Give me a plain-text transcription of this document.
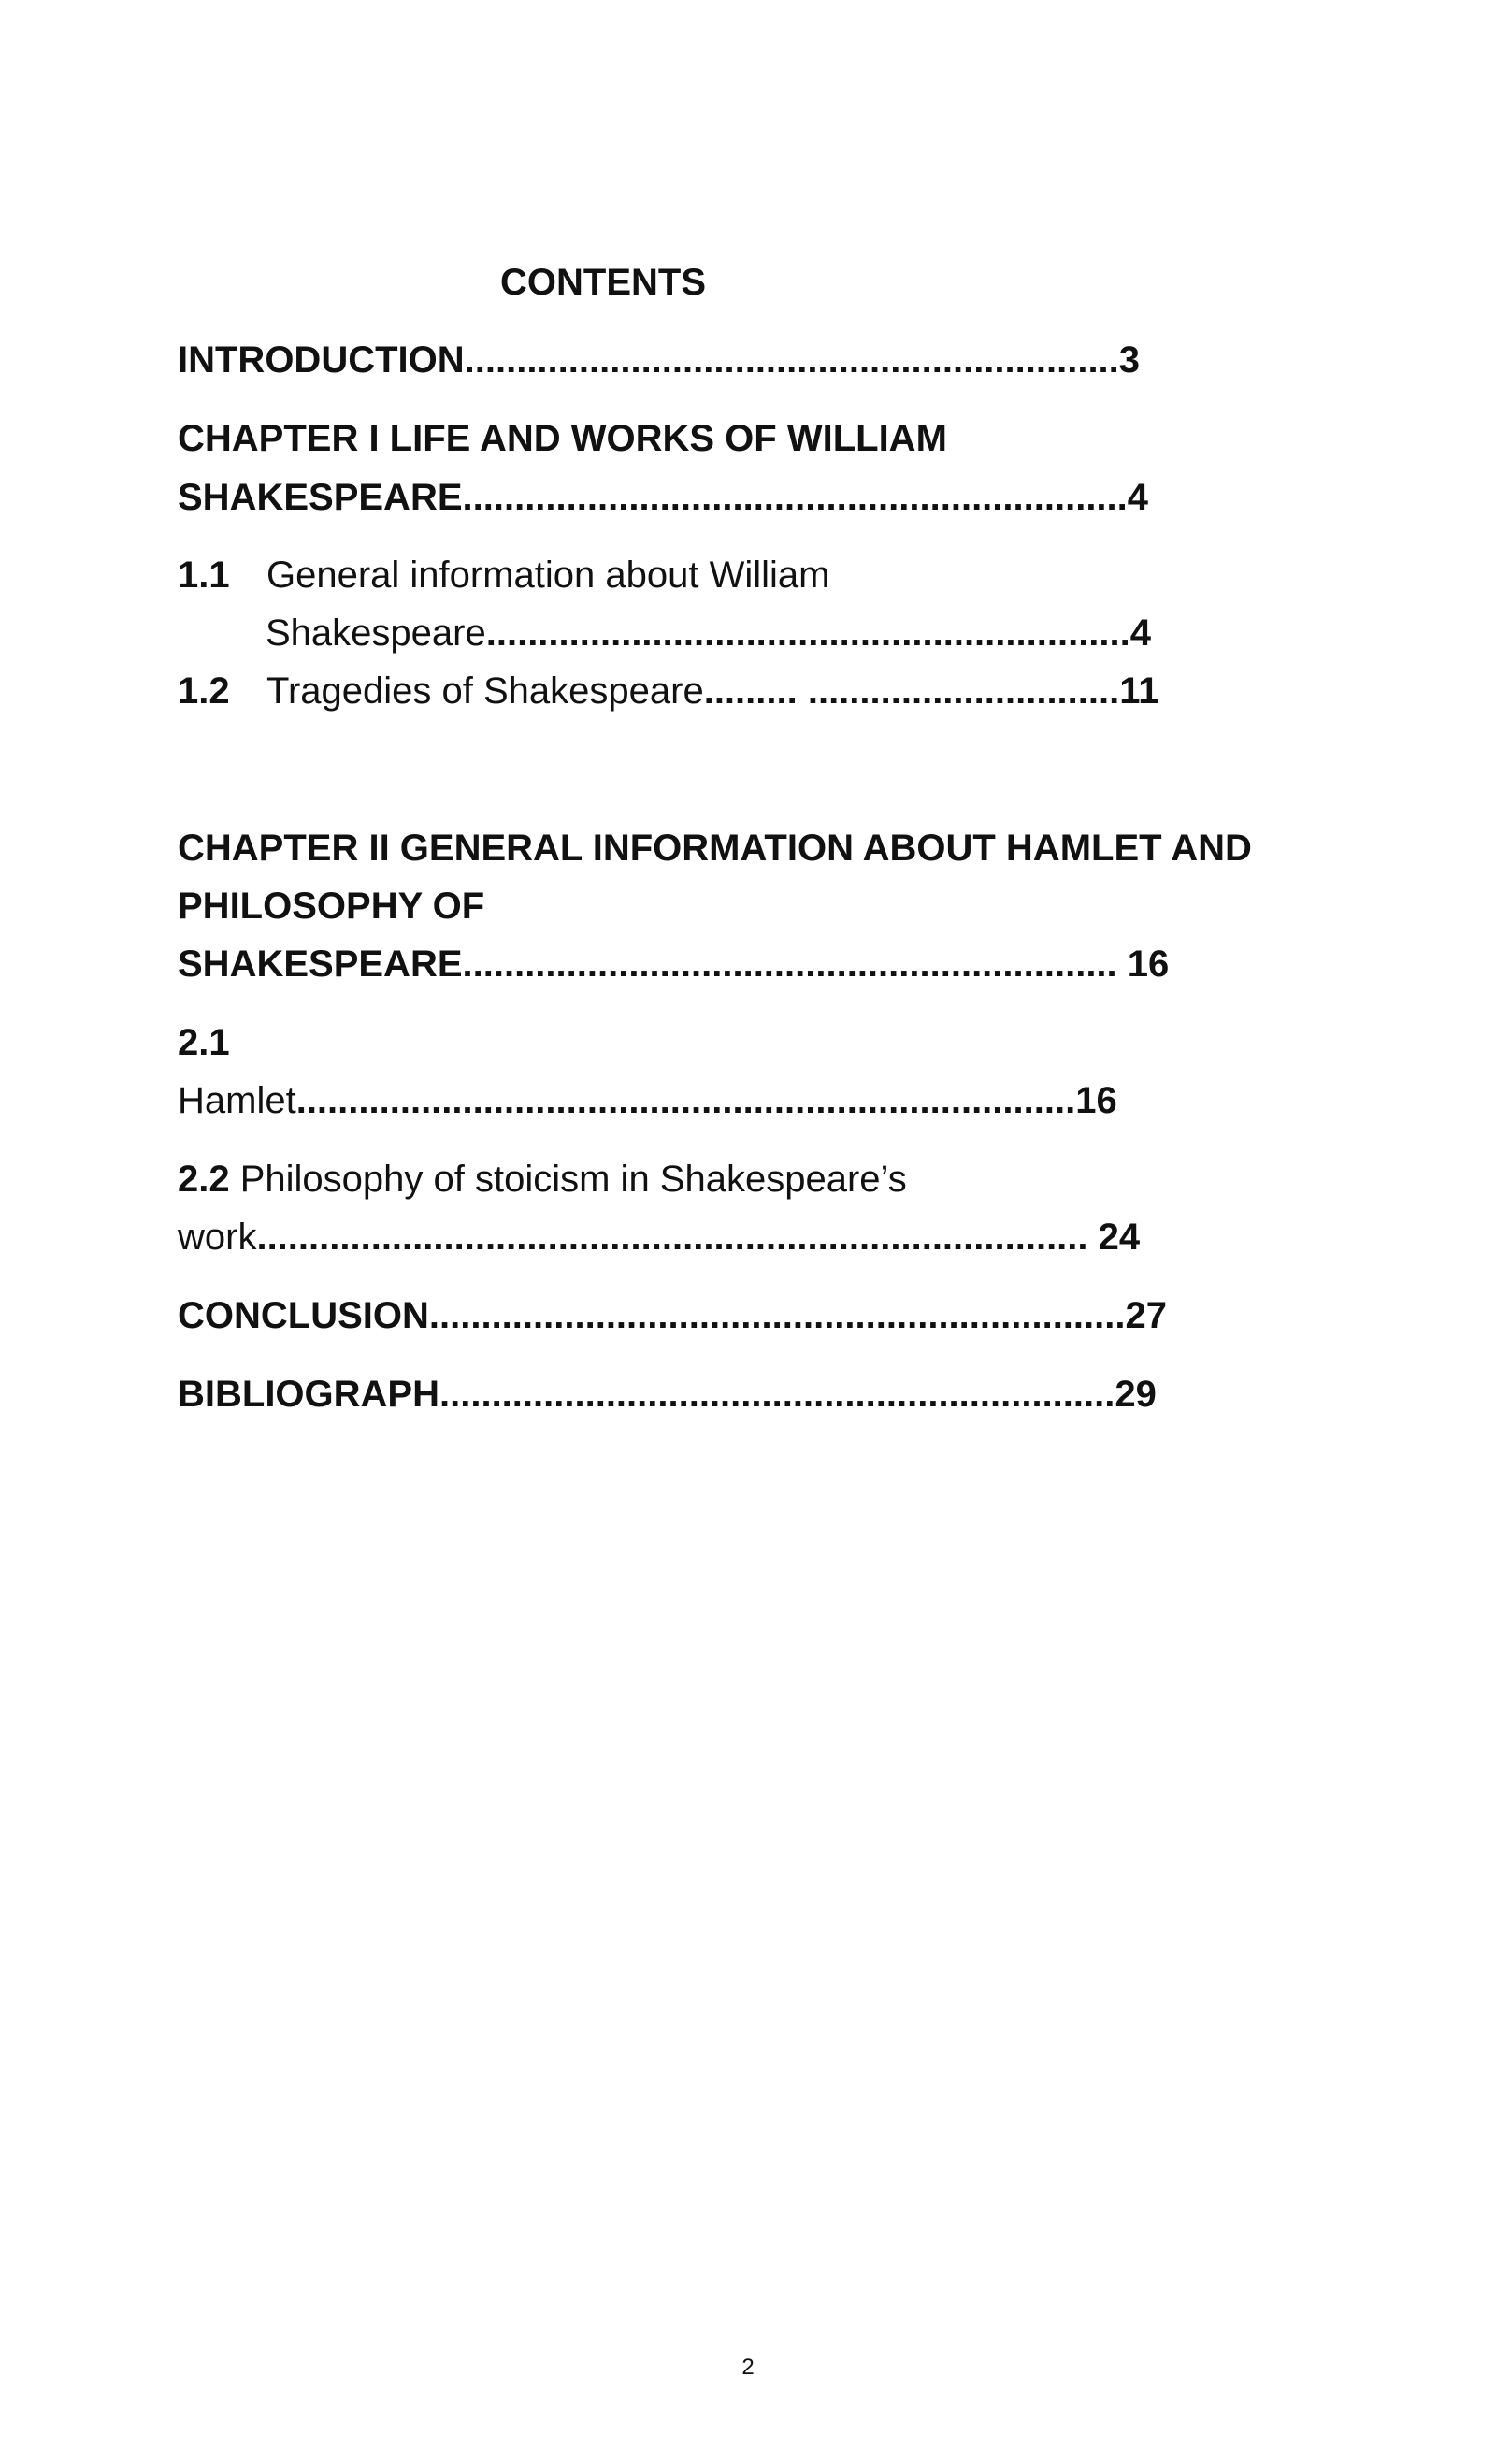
CONTENTS
INTRODUCTION...............................................................3
CHAPTER I LIFE AND WORKS OF WILLIAM
SHAKESPEARE................................................................4
1.1 General information about William
Shakespeare..............................................................4
1.2 Tragedies of Shakespeare......... ..............................11
CHAPTER II GENERAL INFORMATION ABOUT HAMLET AND
PHILOSOPHY OF
SHAKESPEARE............................................................... 16
2.1
Hamlet...........................................................................16
2.2 Philosophy of stoicism in Shakespeare’s
work................................................................................ 24
CONCLUSION...................................................................27
BIBLIOGRAPH.................................................................29
2
